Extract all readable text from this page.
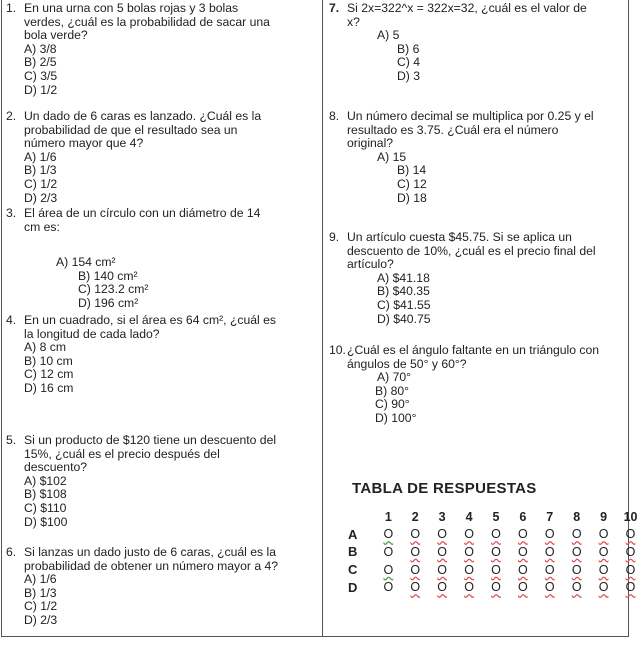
1. En una urna con 5 bolas rojas y 3 bolas
verdes, ¿cuál es la probabilidad de sacar una
bola verde?
A) 3/8
B) 2/5
C) 3/5
D) 1/2
2. Un dado de 6 caras es lanzado. ¿Cuál es la
probabilidad de que el resultado sea un
número mayor que 4?
A) 1/6
B) 1/3
C) 1/2
D) 2/3
3. El área de un círculo con un diámetro de 14
cm es:
A) 154 cm²
B) 140 cm²
C) 123.2 cm²
D) 196 cm²
4. En un cuadrado, si el área es 64 cm², ¿cuál es
la longitud de cada lado?
A) 8 cm
B) 10 cm
C) 12 cm
D) 16 cm
5. Si un producto de $120 tiene un descuento del
15%, ¿cuál es el precio después del
descuento?
A) $102
B) $108
C) $110
D) $100
6. Si lanzas un dado justo de 6 caras, ¿cuál es la
probabilidad de obtener un número mayor a 4?
A) 1/6
B) 1/3
C) 1/2
D) 2/3
7. Si 2x=322^x = 322x=32, ¿cuál es el valor de
x?
A) 5
B) 6
C) 4
D) 3
8. Un número decimal se multiplica por 0.25 y el
resultado es 3.75. ¿Cuál era el número
original?
A) 15
B) 14
C) 12
D) 18
9. Un artículo cuesta $45.75. Si se aplica un
descuento de 10%, ¿cuál es el precio final del
artículo?
A) $41.18
B) $40.35
C) $41.55
D) $40.75
10. ¿Cuál es el ángulo faltante en un triángulo con
ángulos de 50° y 60°?
A) 70°
B) 80°
C) 90°
D) 100°
TABLA DE RESPUESTAS
	1	2	3	4	5	6	7	8	9	10
A	O	O	O	O	O	O	O	O	O	O
B	O	O	O	O	O	O	O	O	O	O
C	O	O	O	O	O	O	O	O	O	O
D	O	O	O	O	O	O	O	O	O	O
